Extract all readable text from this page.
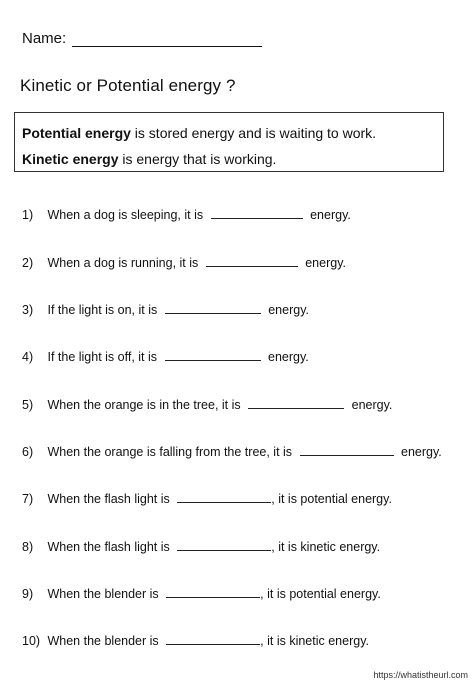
Name:
Kinetic or Potential energy ?
Potential energy is stored energy and is waiting to work.
Kinetic energy is energy that is working.
1) When a dog is sleeping, it is	energy.
2) When a dog is running, it is	energy.
3) If the light is on, it is	energy.
4) If the light is off, it is	energy.
5) When the orange is in the tree, it is	energy.
6) When the orange is falling from the tree, it is	energy.
7) When the flash light is	, it is potential energy.
8) When the flash light is	, it is kinetic energy.
9) When the blender is	, it is potential energy.
10) When the blender is	, it is kinetic energy.
https://whatistheurl.com
